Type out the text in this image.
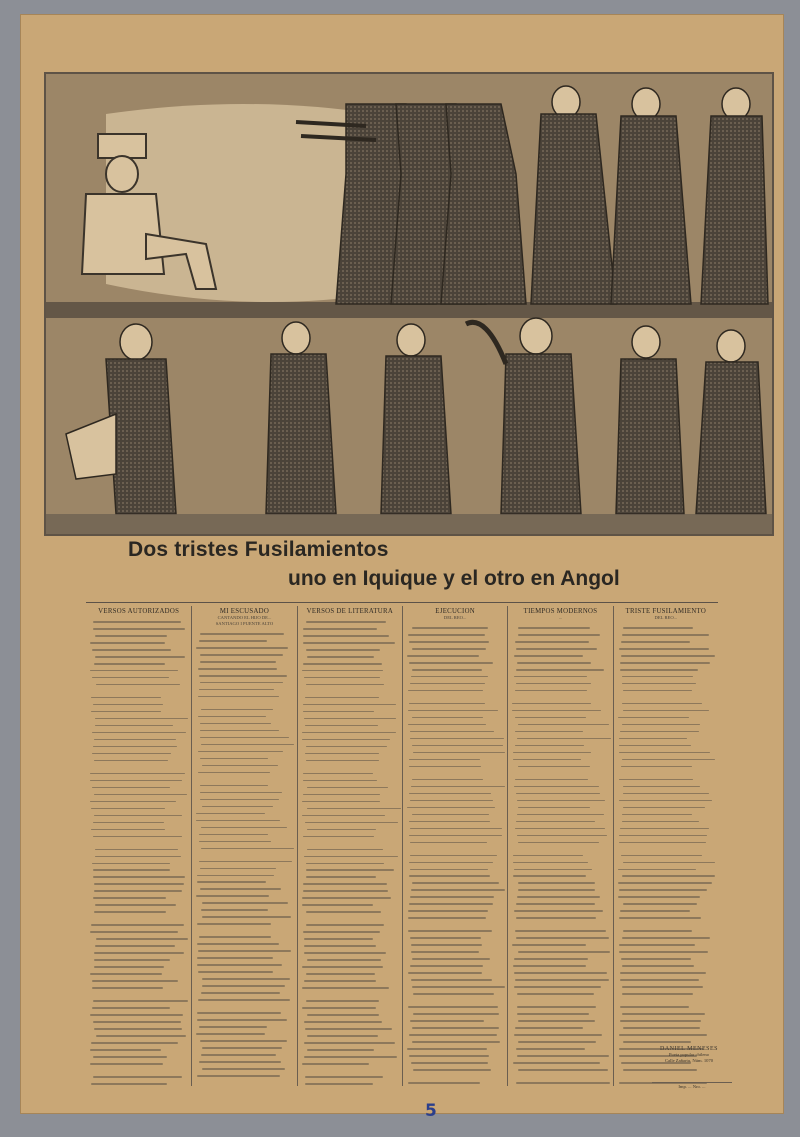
Dos tristes Fusilamientos
uno en Iquique y el otro en Angol
VERSOS AUTORIZADOS	MI ESCUSADO
CANTANDO EL HIJO DE...
SANTIAGO I PUENTE ALTO
VERSOS DE LITERATURA	EJECUCION
DEL REO...
TIEMPOS MODERNOS
...
TRISTE FUSILAMIENTO
DEL REO...
DANIEL MENESES
Poeta popular chileno
Calle Zañartu, Núm. 1070
Imp. ... Nro. ...
5
